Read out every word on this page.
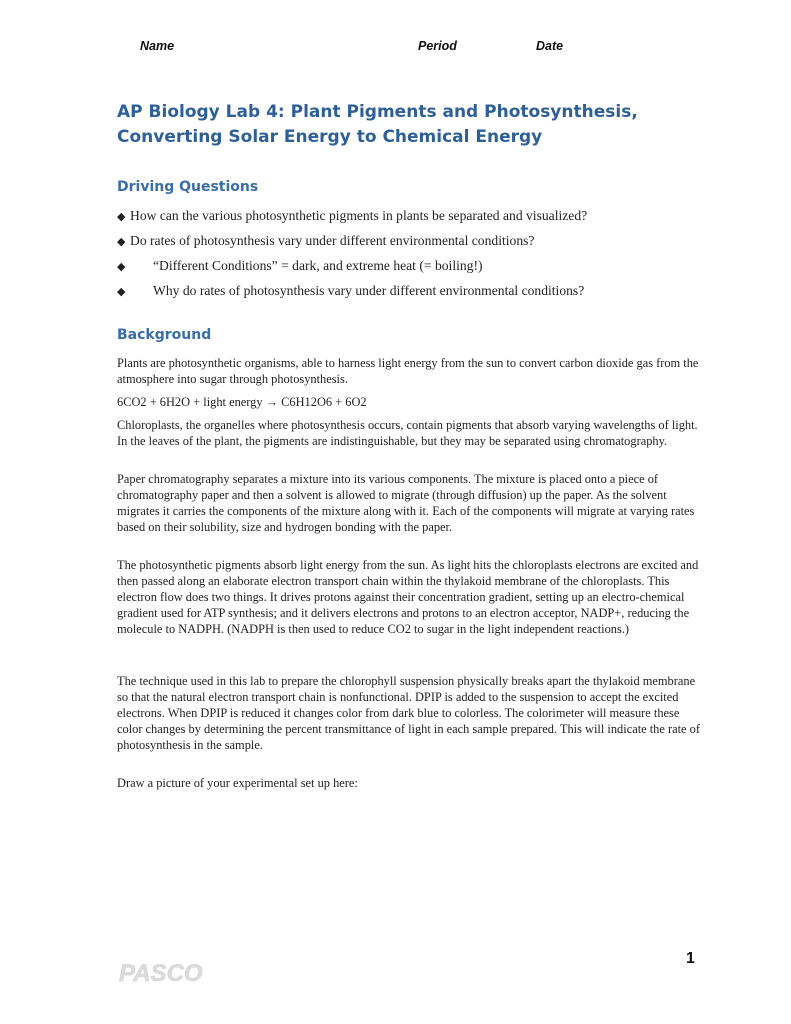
Name	Period	Date
AP Biology Lab 4: Plant Pigments and Photosynthesis, Converting Solar Energy to Chemical Energy
Driving Questions
◆ How can the various photosynthetic pigments in plants be separated and visualized?
◆ Do rates of photosynthesis vary under different environmental conditions?
◆ “Different Conditions” = dark, and extreme heat (= boiling!)
◆ Why do rates of photosynthesis vary under different environmental conditions?
Background

Plants are photosynthetic organisms, able to harness light energy from the sun to convert carbon dioxide gas from the atmosphere into sugar through photosynthesis.

6CO2 + 6H2O + light energy → C6H12O6 + 6O2

Chloroplasts, the organelles where photosynthesis occurs, contain pigments that absorb varying wavelengths of light. In the leaves of the plant, the pigments are indistinguishable, but they may be separated using chromatography.

Paper chromatography separates a mixture into its various components. The mixture is placed onto a piece of chromatography paper and then a solvent is allowed to migrate (through diffusion) up the paper. As the solvent migrates it carries the components of the mixture along with it. Each of the components will migrate at varying rates based on their solubility, size and hydrogen bonding with the paper.

The photosynthetic pigments absorb light energy from the sun. As light hits the chloroplasts electrons are excited and then passed along an elaborate electron transport chain within the thylakoid membrane of the chloroplasts. This electron flow does two things. It drives protons against their concentration gradient, setting up an electro-chemical gradient used for ATP synthesis; and it delivers electrons and protons to an electron acceptor, NADP+, reducing the molecule to NADPH. (NADPH is then used to reduce CO2 to sugar in the light independent reactions.)

The technique used in this lab to prepare the chlorophyll suspension physically breaks apart the thylakoid membrane so that the natural electron transport chain is nonfunctional. DPIP is added to the suspension to accept the excited electrons. When DPIP is reduced it changes color from dark blue to colorless. The colorimeter will measure these color changes by determining the percent transmittance of light in each sample prepared. This will indicate the rate of photosynthesis in the sample.

Draw a picture of your experimental set up here:

PASCO
1
